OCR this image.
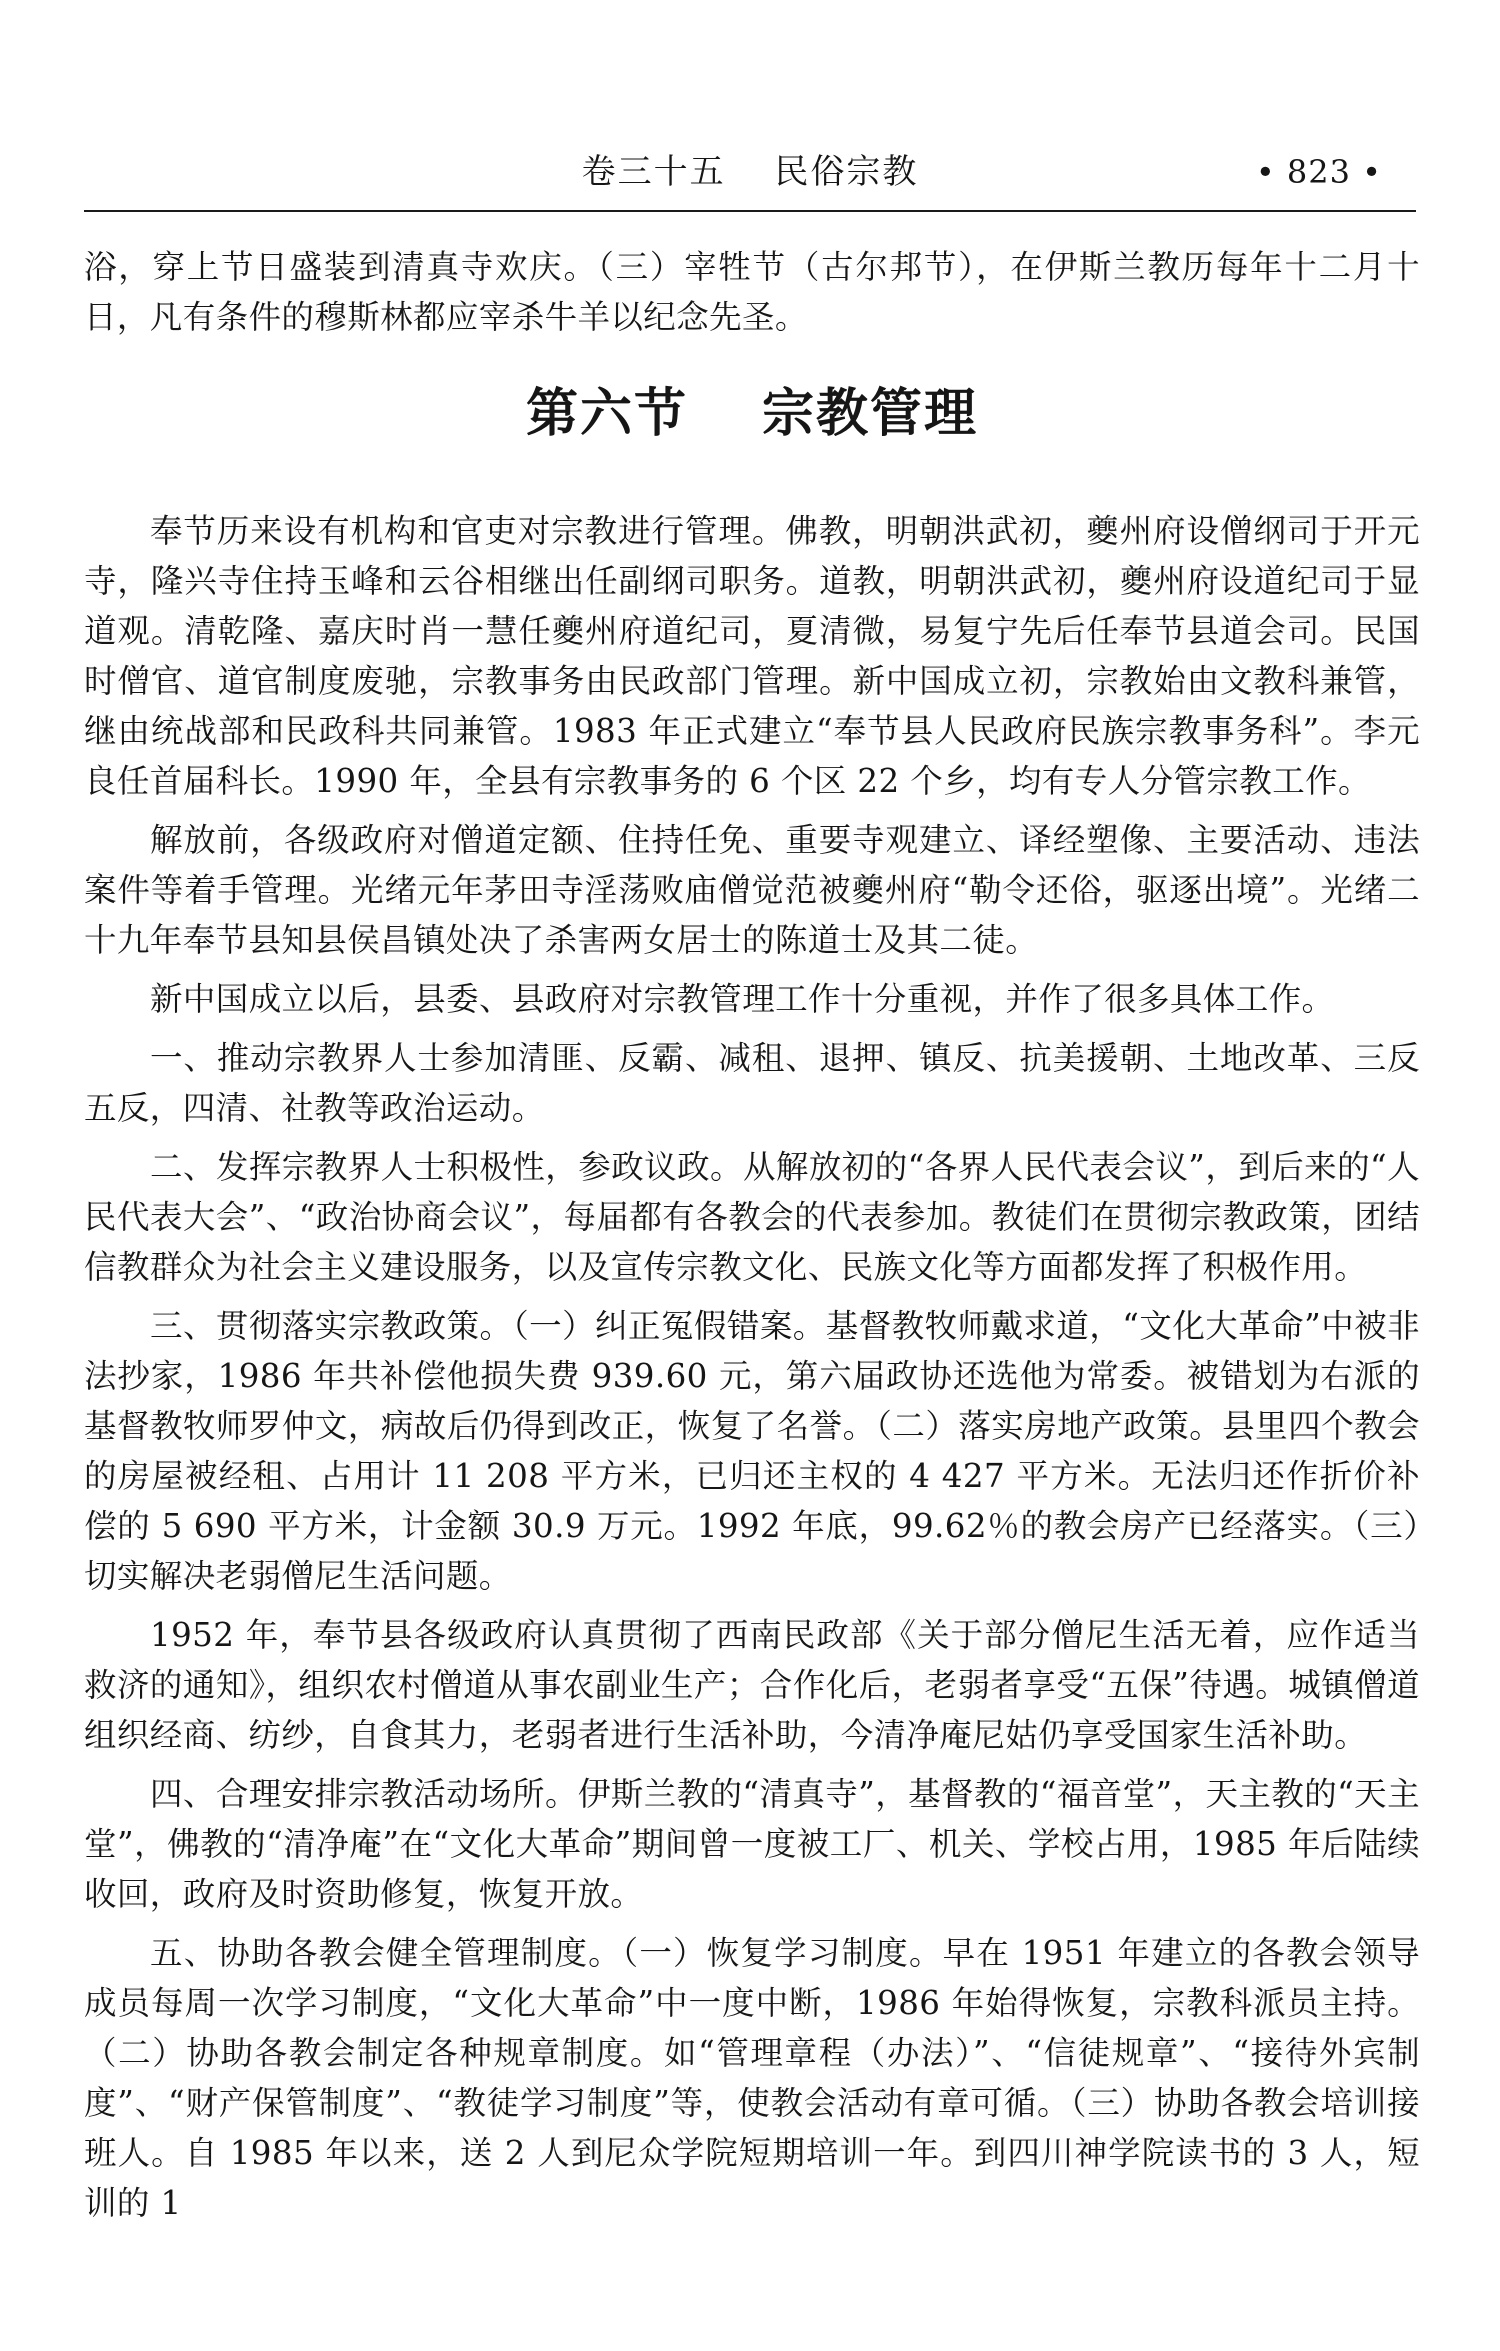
卷三十五　 民俗宗教	• 823 •

浴，穿上节日盛装到清真寺欢庆。（三）宰牲节（古尔邦节），在伊斯兰教历每年十二月十日，凡有条件的穆斯林都应宰杀牛羊以纪念先圣。

第六节　 宗教管理

奉节历来设有机构和官吏对宗教进行管理。佛教，明朝洪武初，夔州府设僧纲司于开元寺，隆兴寺住持玉峰和云谷相继出任副纲司职务。道教，明朝洪武初，夔州府设道纪司于显道观。清乾隆、嘉庆时肖一慧任夔州府道纪司，夏清微，易复宁先后任奉节县道会司。民国时僧官、道官制度废驰，宗教事务由民政部门管理。新中国成立初，宗教始由文教科兼管，继由统战部和民政科共同兼管。1983 年正式建立“奉节县人民政府民族宗教事务科”。李元良任首届科长。1990 年，全县有宗教事务的 6 个区 22 个乡，均有专人分管宗教工作。

解放前，各级政府对僧道定额、住持任免、重要寺观建立、译经塑像、主要活动、违法案件等着手管理。光绪元年茅田寺淫荡败庙僧觉范被夔州府“勒令还俗，驱逐出境”。光绪二十九年奉节县知县侯昌镇处决了杀害两女居士的陈道士及其二徒。

新中国成立以后，县委、县政府对宗教管理工作十分重视，并作了很多具体工作。

一、推动宗教界人士参加清匪、反霸、减租、退押、镇反、抗美援朝、土地改革、三反五反，四清、社教等政治运动。

二、发挥宗教界人士积极性，参政议政。从解放初的“各界人民代表会议”，到后来的“人民代表大会”、“政治协商会议”，每届都有各教会的代表参加。教徒们在贯彻宗教政策，团结信教群众为社会主义建设服务，以及宣传宗教文化、民族文化等方面都发挥了积极作用。

三、贯彻落实宗教政策。（一）纠正冤假错案。基督教牧师戴求道，“文化大革命”中被非法抄家，1986 年共补偿他损失费 939.60 元，第六届政协还选他为常委。被错划为右派的基督教牧师罗仲文，病故后仍得到改正，恢复了名誉。（二）落实房地产政策。县里四个教会的房屋被经租、占用计 11 208 平方米，已归还主权的 4 427 平方米。无法归还作折价补偿的 5 690 平方米，计金额 30.9 万元。1992 年底，99.62％的教会房产已经落实。（三）切实解决老弱僧尼生活问题。

1952 年，奉节县各级政府认真贯彻了西南民政部《关于部分僧尼生活无着，应作适当救济的通知》，组织农村僧道从事农副业生产；合作化后，老弱者享受“五保”待遇。城镇僧道组织经商、纺纱，自食其力，老弱者进行生活补助，今清净庵尼姑仍享受国家生活补助。

四、合理安排宗教活动场所。伊斯兰教的“清真寺”，基督教的“福音堂”，天主教的“天主堂”，佛教的“清净庵”在“文化大革命”期间曾一度被工厂、机关、学校占用，1985 年后陆续收回，政府及时资助修复，恢复开放。

五、协助各教会健全管理制度。（一）恢复学习制度。早在 1951 年建立的各教会领导成员每周一次学习制度，“文化大革命”中一度中断，1986 年始得恢复，宗教科派员主持。（二）协助各教会制定各种规章制度。如“管理章程（办法）”、“信徒规章”、“接待外宾制度”、“财产保管制度”、“教徒学习制度”等，使教会活动有章可循。（三）协助各教会培训接班人。自 1985 年以来，送 2 人到尼众学院短期培训一年。到四川神学院读书的 3 人，短训的 1
